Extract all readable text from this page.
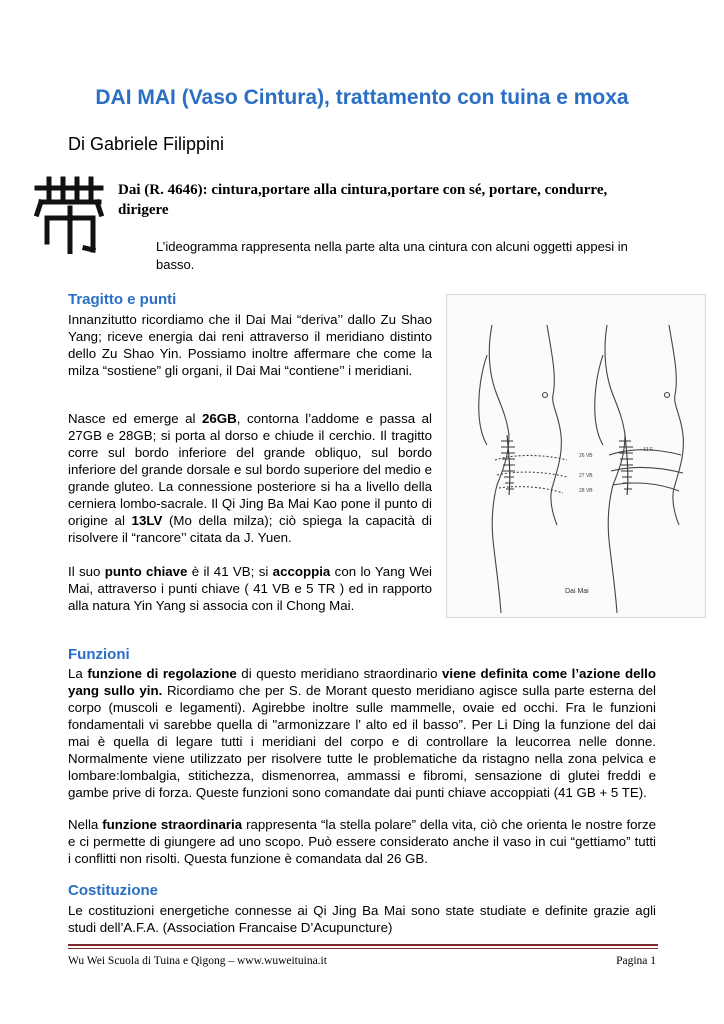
DAI MAI (Vaso Cintura), trattamento con tuina e moxa
Di Gabriele Filippini
Dai (R. 4646): cintura,portare alla cintura,portare con sé, portare, condurre, dirigere
L’ideogramma rappresenta nella parte alta una cintura con alcuni oggetti appesi in basso.
Tragitto e punti

Innanzitutto ricordiamo che il Dai Mai “deriva’’ dallo Zu Shao Yang; riceve energia dai reni attraverso il meridiano distinto dello Zu Shao Yin. Possiamo inoltre affermare che come la milza “sostiene” gli organi, il Dai Mai “contiene’’ i meridiani.

Nasce ed emerge al 26GB, contorna l’addome e passa al 27GB e 28GB; si porta al dorso e chiude il cerchio. Il tragitto corre sul bordo inferiore del grande obliquo, sul bordo inferiore del grande dorsale e sul bordo superiore del medio e grande gluteo. La connessione posteriore si ha a livello della cerniera lombo-sacrale. Il Qi Jing Ba Mai Kao pone il punto di origine al 13LV (Mo della milza); ciò spiega la capacità di risolvere il “rancore’’ citata da J. Yuen.

Il suo punto chiave è il 41 VB; si accoppia con lo Yang Wei Mai, attraverso i punti chiave ( 41 VB e 5 TR ) ed in rapporto alla natura Yin Yang si associa con il Chong Mai.

26 VB
27 VB
28 VB
13 F
Dai Mai
Funzioni

La funzione di regolazione di questo meridiano straordinario viene definita come l’azione dello yang sullo yin. Ricordiamo che per S. de Morant questo meridiano agisce sulla parte esterna del corpo (muscoli e legamenti). Agirebbe inoltre sulle mammelle, ovaie ed occhi. Fra le funzioni fondamentali vi sarebbe quella di "armonizzare l' alto ed il basso”. Per Li Ding la funzione del dai mai è quella di legare tutti i meridiani del corpo e di controllare la leucorrea nelle donne. Normalmente viene utilizzato per risolvere tutte le problematiche da ristagno nella zona pelvica e lombare:lombalgia, stitichezza, dismenorrea, ammassi e fibromi, sensazione di glutei freddi e gambe prive di forza. Queste funzioni sono comandate dai punti chiave accoppiati (41 GB + 5 TE).

Nella funzione straordinaria rappresenta “la stella polare” della vita, ciò che orienta le nostre forze e ci permette di giungere ad uno scopo. Può essere considerato anche il vaso in cui “gettiamo” tutti i conflitti non risolti. Questa funzione è comandata dal 26 GB.

Costituzione

Le costituzioni energetiche connesse ai Qi Jing Ba Mai sono state studiate e definite grazie agli studi dell’A.F.A. (Association Francaise D’Acupuncture)

Wu Wei Scuola di Tuina e Qigong – www.wuweituina.it	Pagina 1
